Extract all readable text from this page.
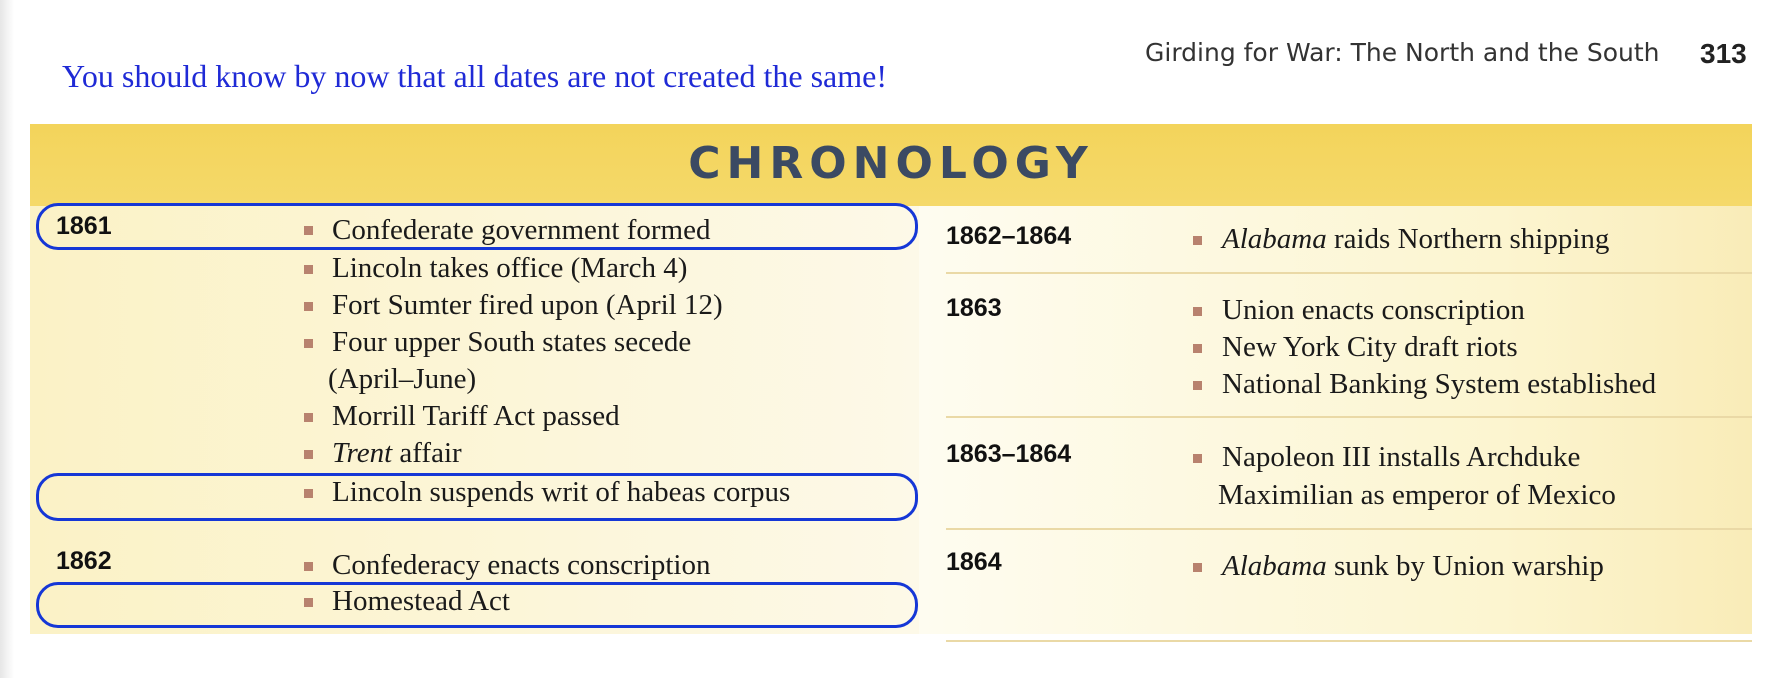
You should know by now that all dates are not created the same!
Girding for War: The North and the South 313
CHRONOLOGY
1861	Confederate government formed
Lincoln takes office (March 4)
Fort Sumter fired upon (April 12)
Four upper South states secede
(April–June)
Morrill Tariff Act passed
Trent affair
Lincoln suspends writ of habeas corpus
1862	Confederacy enacts conscription
Homestead Act
1862–1864	Alabama raids Northern shipping
1863	Union enacts conscription
New York City draft riots
National Banking System established
1863–1864	Napoleon III installs Archduke
Maximilian as emperor of Mexico
1864	Alabama sunk by Union warship
